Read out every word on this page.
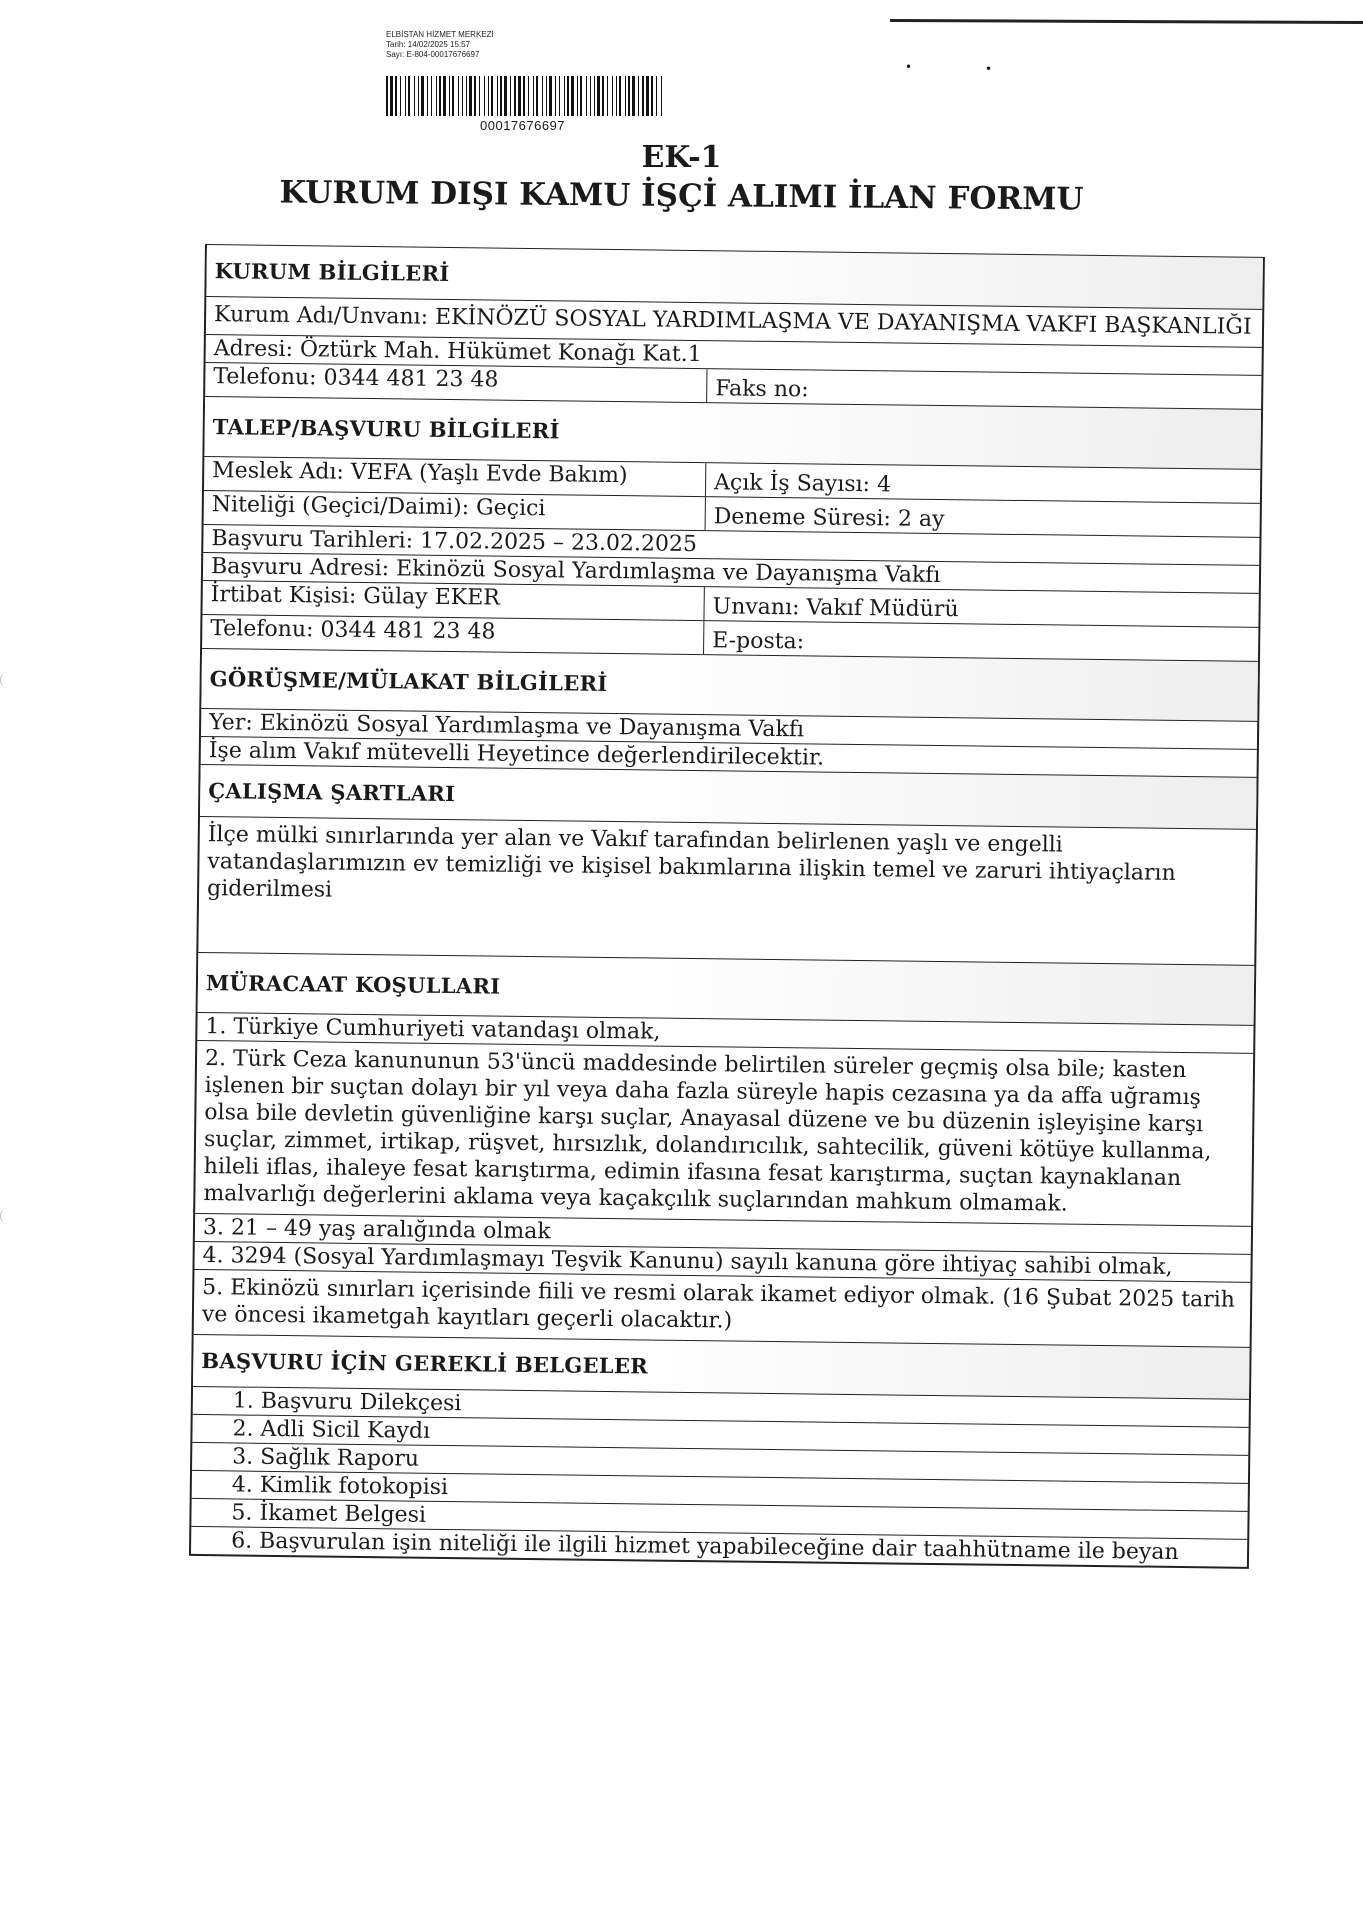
ELBİSTAN HİZMET MERKEZİ
Tarih: 14/02/2025 15:57
Sayı: E-804-00017676697
00017676697
•	•
EK-1
KURUM DIŞI KAMU İŞÇİ ALIMI İLAN FORMU
KURUM BİLGİLERİ
Kurum Adı/Unvanı: EKİNÖZÜ SOSYAL YARDIMLAŞMA VE DAYANIŞMA VAKFI BAŞKANLIĞI
Adresi: Öztürk Mah. Hükümet Konağı Kat.1
Telefonu: 0344 481 23 48	Faks no:
TALEP/BAŞVURU BİLGİLERİ
Meslek Adı: VEFA (Yaşlı Evde Bakım)	Açık İş Sayısı: 4
Niteliği (Geçici/Daimi): Geçici	Deneme Süresi: 2 ay
Başvuru Tarihleri: 17.02.2025 – 23.02.2025
Başvuru Adresi: Ekinözü Sosyal Yardımlaşma ve Dayanışma Vakfı
İrtibat Kişisi: Gülay EKER	Unvanı: Vakıf Müdürü
Telefonu: 0344 481 23 48	E-posta:
GÖRÜŞME/MÜLAKAT BİLGİLERİ
Yer: Ekinözü Sosyal Yardımlaşma ve Dayanışma Vakfı
İşe alım Vakıf mütevelli Heyetince değerlendirilecektir.
ÇALIŞMA ŞARTLARI
İlçe mülki sınırlarında yer alan ve Vakıf tarafından belirlenen yaşlı ve engelli vatandaşlarımızın ev temizliği ve kişisel bakımlarına ilişkin temel ve zaruri ihtiyaçların giderilmesi
MÜRACAAT KOŞULLARI
1. Türkiye Cumhuriyeti vatandaşı olmak,
2. Türk Ceza kanununun 53'üncü maddesinde belirtilen süreler geçmiş olsa bile; kasten işlenen bir suçtan dolayı bir yıl veya daha fazla süreyle hapis cezasına ya da affa uğramış olsa bile devletin güvenliğine karşı suçlar, Anayasal düzene ve bu düzenin işleyişine karşı suçlar, zimmet, irtikap, rüşvet, hırsızlık, dolandırıcılık, sahtecilik, güveni kötüye kullanma, hileli iflas, ihaleye fesat karıştırma, edimin ifasına fesat karıştırma, suçtan kaynaklanan malvarlığı değerlerini aklama veya kaçakçılık suçlarından mahkum olmamak.
3. 21 – 49 yaş aralığında olmak
4. 3294 (Sosyal Yardımlaşmayı Teşvik Kanunu) sayılı kanuna göre ihtiyaç sahibi olmak,
5. Ekinözü sınırları içerisinde fiili ve resmi olarak ikamet ediyor olmak. (16 Şubat 2025 tarih ve öncesi ikametgah kayıtları geçerli olacaktır.)
BAŞVURU İÇİN GEREKLİ BELGELER
1. Başvuru Dilekçesi
2. Adli Sicil Kaydı
3. Sağlık Raporu
4. Kimlik fotokopisi
5. İkamet Belgesi
6. Başvurulan işin niteliği ile ilgili hizmet yapabileceğine dair taahhütname ile beyan
